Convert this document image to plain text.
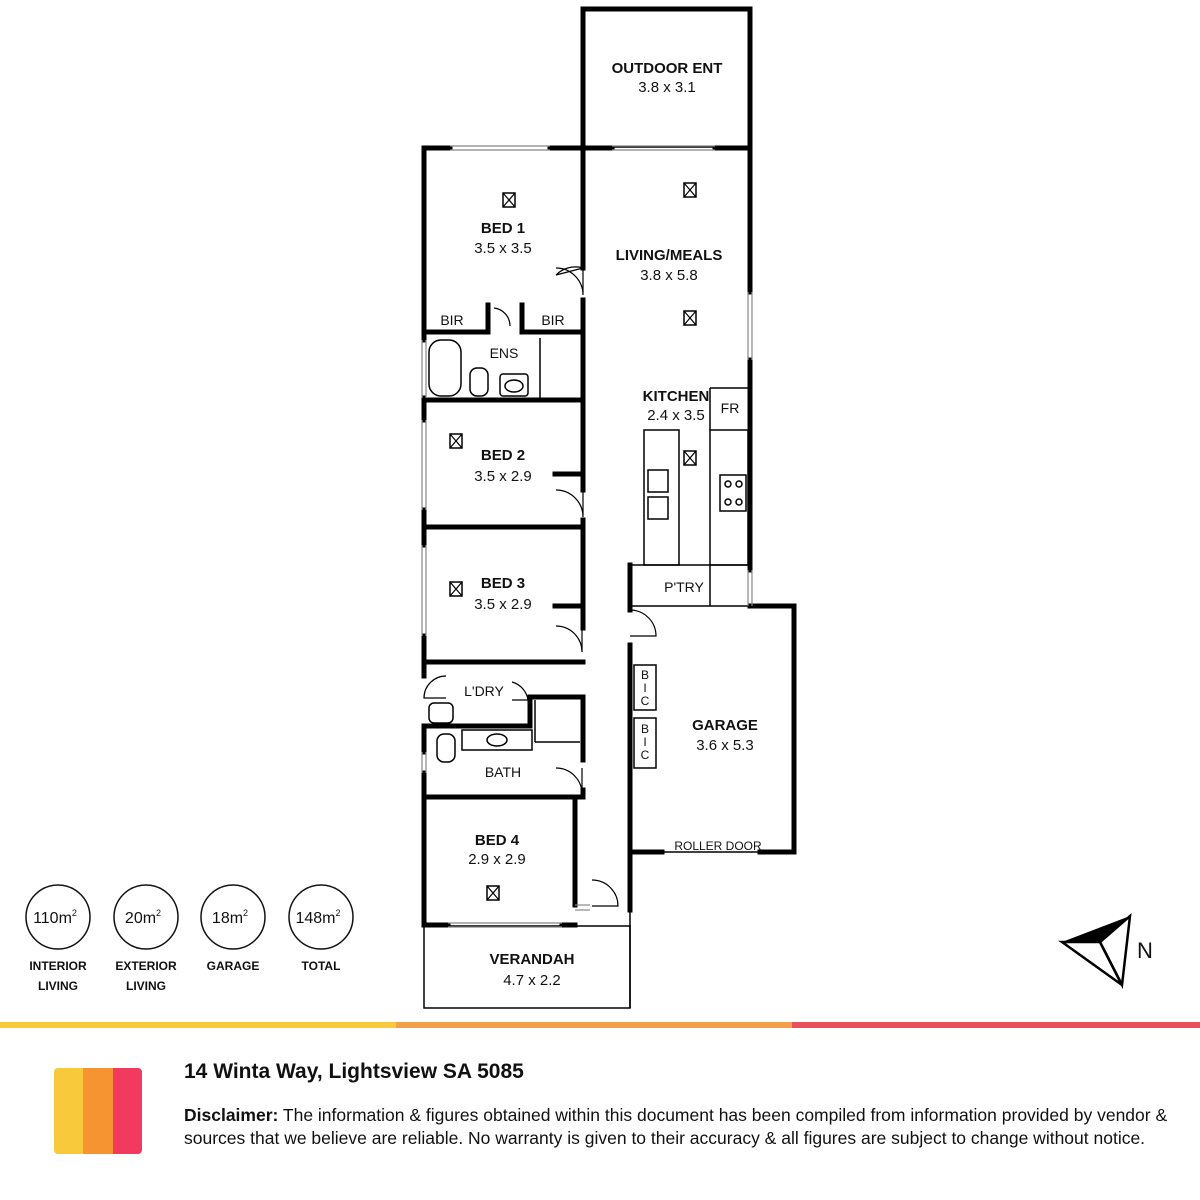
OUTDOOR ENT
3.8 x 3.1
BED 1
3.5 x 3.5	LIVING/MEALS
3.8 x 5.8
BIR	BIR
ENS
KITCHEN
2.4 x 3.5 FR
BED 2
3.5 x 2.9
BED 3
3.5 x 2.9
P'TRY
L'DRY
B
I
C
B
I
C
GARAGE
3.6 x 5.3
BATH
BED 4
2.9 x 2.9
ROLLER DOOR
VERANDAH
4.7 x 2.2
$110m^2$
INTERIOR
LIVING
$20m^2$
EXTERIOR
LIVING
$18m^2$
GARAGE
$148m^2$
TOTAL
N
14 Winta Way, Lightsview SA 5085
Disclaimer: The information & figures obtained within this document has been compiled from information provided by vendor & sources that we believe are reliable. No warranty is given to their accuracy & all figures are subject to change without notice.
